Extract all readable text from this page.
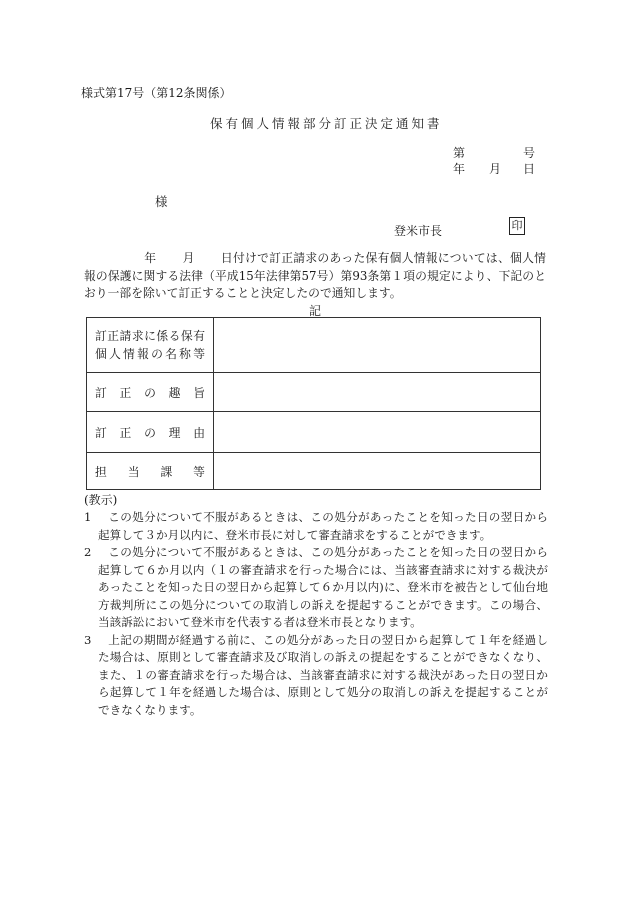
様式第17号（第12条関係）
保有個人情報部分訂正決定通知書
第	号
年 月 日
様
登米市長	印
年 月 日付けで訂正請求のあった保有個人情報については、個人情報の保護に関する法律（平成15年法律第57号）第93条第１項の規定により、下記のとおり一部を除いて訂正することと決定したので通知します。
記
訂正請求に係る保有個人情報の名称等	

訂 正 の 趣 旨	

訂 正 の 理 由	

担 当 課 等	

(教示)
1	この処分について不服があるときは、この処分があったことを知った日の翌日から起算して３か月以内に、登米市長に対して審査請求をすることができます。
2	この処分について不服があるときは、この処分があったことを知った日の翌日から起算して６か月以内（１の審査請求を行った場合には、当該審査請求に対する裁決があったことを知った日の翌日から起算して６か月以内)に、登米市を被告として仙台地方裁判所にこの処分についての取消しの訴えを提起することができます。この場合、当該訴訟において登米市を代表する者は登米市長となります。
3	上記の期間が経過する前に、この処分があった日の翌日から起算して１年を経過した場合は、原則として審査請求及び取消しの訴えの提起をすることができなくなり、また、１の審査請求を行った場合は、当該審査請求に対する裁決があった日の翌日から起算して１年を経過した場合は、原則として処分の取消しの訴えを提起することができなくなります。
